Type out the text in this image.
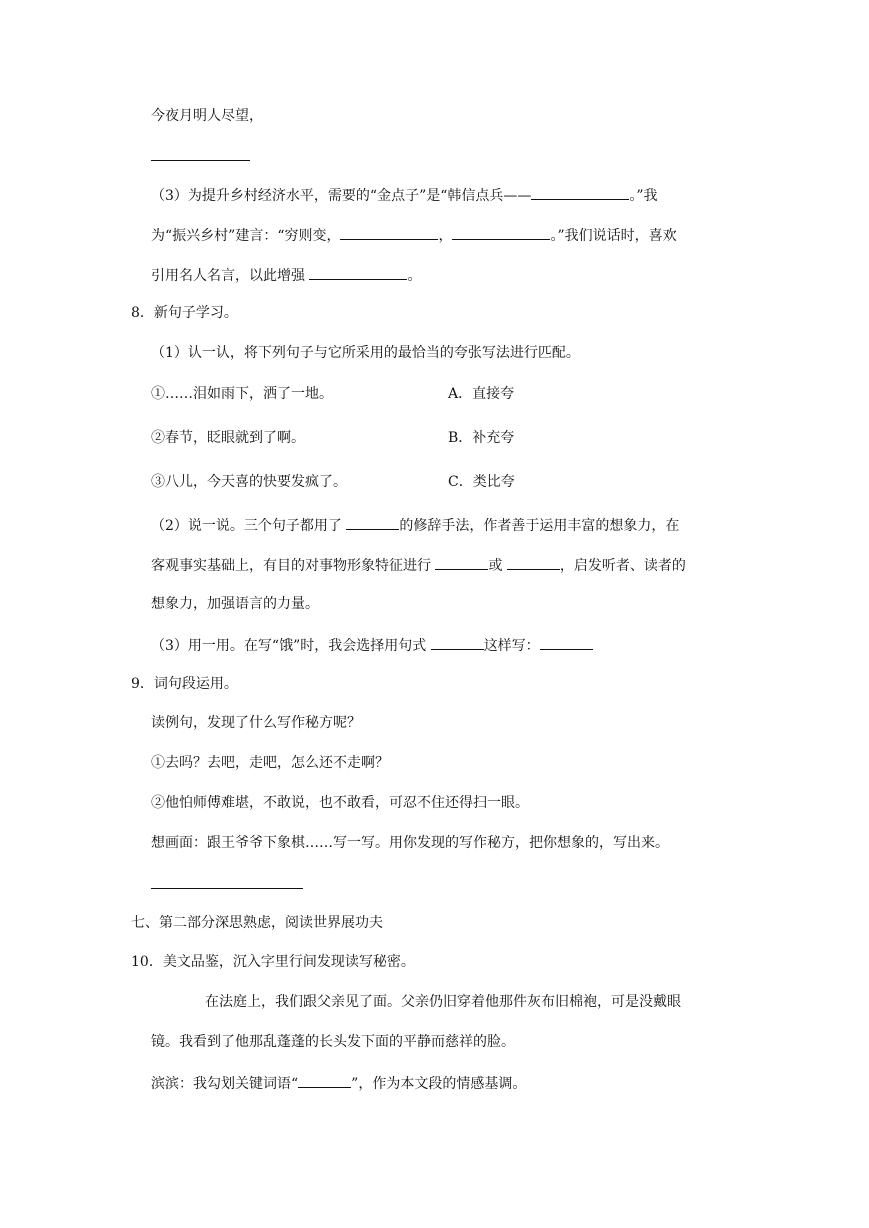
今夜月明人尽望，
（3）为提升乡村经济水平，需要的“金点子”是“韩信点兵——	。”我
为“振兴乡村”建言：“穷则变，	，	。”我们说话时，喜欢
引用名人名言，以此增强	。
8．新句子学习。
（1）认一认，将下列句子与它所采用的最恰当的夸张写法进行匹配。
①……泪如雨下，洒了一地。	A．直接夸
②春节，眨眼就到了啊。	B．补充夸
③八儿，今天喜的快要发疯了。	C．类比夸
（2）说一说。三个句子都用了	的修辞手法，作者善于运用丰富的想象力，在
客观事实基础上，有目的对事物形象特征进行	或	，启发听者、读者的
想象力，加强语言的力量。
（3）用一用。在写“饿”时，我会选择用句式	这样写：
9．词句段运用。
读例句，发现了什么写作秘方呢？
①去吗？去吧，走吧，怎么还不走啊？
②他怕师傅难堪，不敢说，也不敢看，可忍不住还得扫一眼。
想画面：跟王爷爷下象棋……写一写。用你发现的写作秘方，把你想象的，写出来。
七、第二部分深思熟虑，阅读世界展功夫
10．美文品鉴，沉入字里行间发现读写秘密。
在法庭上，我们跟父亲见了面。父亲仍旧穿着他那件灰布旧棉袍，可是没戴眼
镜。我看到了他那乱蓬蓬的长头发下面的平静而慈祥的脸。
滨滨：我勾划关键词语“	”，作为本文段的情感基调。
